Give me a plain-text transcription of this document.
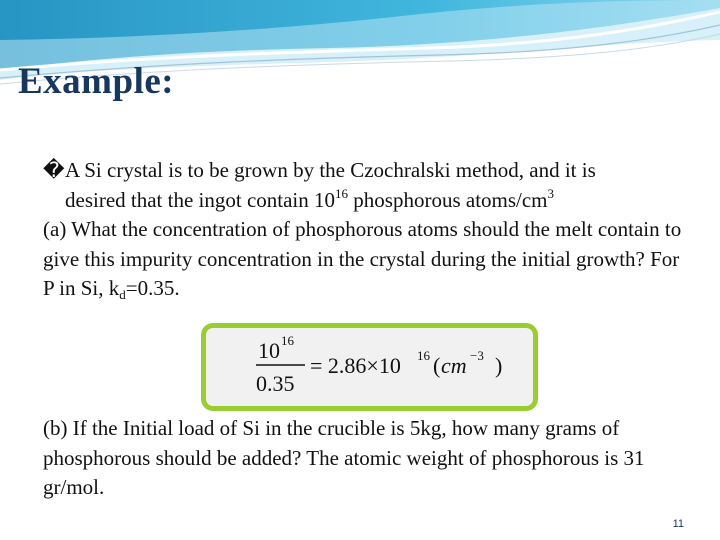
Example:

�A Si crystal is to be grown by the Czochralski method, and it is
desired that the ingot contain $10^{16}$ phosphorous atoms/$cm^3$

(a) What the concentration of phosphorous atoms should the melt contain to give this impurity concentration in the crystal during the initial growth? For P in Si, $k_d=0.35$.

10 16
0.35
= 2.86×10 16 ( cm −3 )
(b) If the Initial load of Si in the crucible is 5kg, how many grams of phosphorous should be added? The atomic weight of phosphorous is 31 gr/mol.
11
